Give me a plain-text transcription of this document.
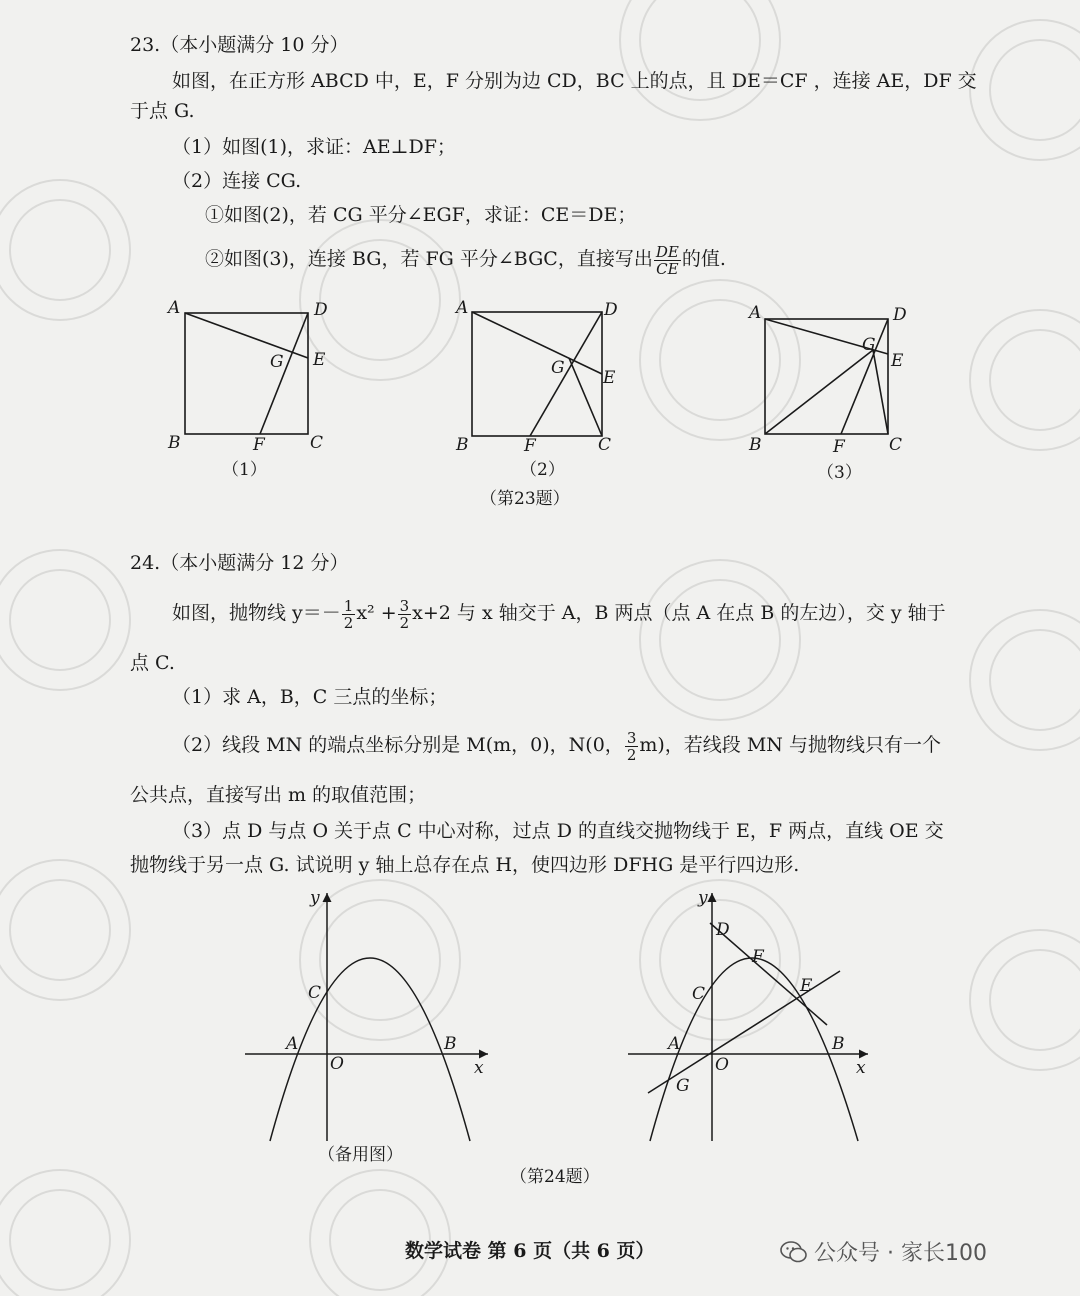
23.（本小题满分 10 分）
如图，在正方形 ABCD 中，E，F 分别为边 CD，BC 上的点，且 DE＝CF ，连接 AE，DF 交
于点 G.
（1）如图(1)，求证：AE⊥DF；
（2）连接 CG.
①如图(2)，若 CG 平分∠EGF，求证：CE＝DE；
②如图(3)，连接 BG，若 FG 平分∠BGC，直接写出 $\frac{DE}{CE}$ 的值.
A	D
E
G
B	F	C
（1）
A	D
E
G
B	F	C
（2）
A	D
E
G
B	F	C
（3）
（第23题）
24.（本小题满分 12 分）
如图，抛物线 $y=- \frac{1}{2} x^2 + \frac{3}{2} x+2$ 与 x 轴交于 A，B 两点（点 A 在点 B 的左边），交 y 轴于
点 C.
（1）求 A，B，C 三点的坐标；
（2）线段 MN 的端点坐标分别是 M(m，0)，N(0， $\frac{3}{2} m$)，若线段 MN 与抛物线只有一个
公共点，直接写出 m 的取值范围；
（3）点 D 与点 O 关于点 C 中心对称，过点 D 的直线交抛物线于 E，F 两点，直线 OE 交
抛物线于另一点 G. 试说明 y 轴上总存在点 H，使四边形 DFHG 是平行四边形.
x
y
O
A	B
C
（备用图）
y
x
O
D
F
E
C
A	B
G
（第24题）
数学试卷 第 6 页（共 6 页）	公众号 · 家长100
